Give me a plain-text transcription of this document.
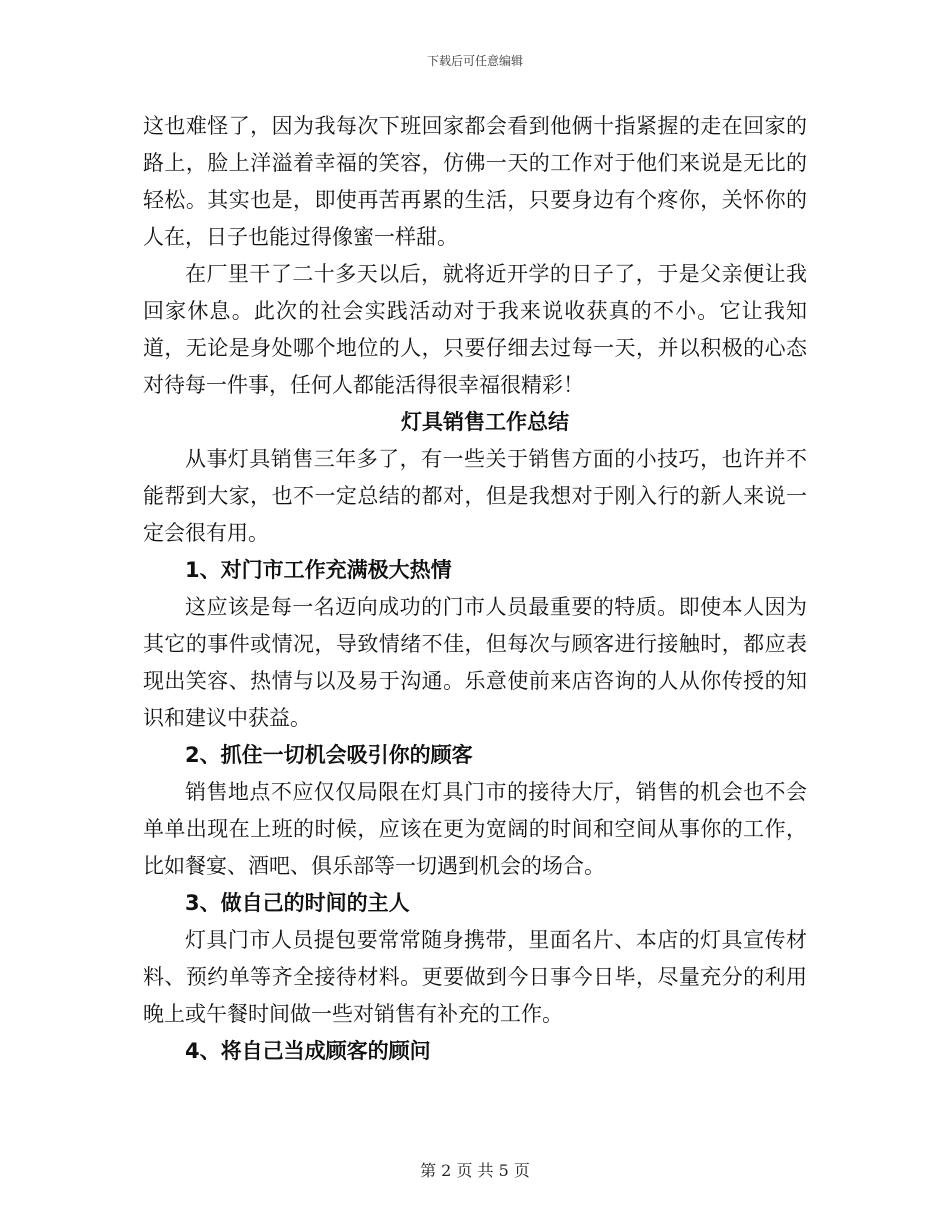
下载后可任意编辑

这也难怪了，因为我每次下班回家都会看到他俩十指紧握的走在回家的路上，脸上洋溢着幸福的笑容，仿佛一天的工作对于他们来说是无比的轻松。其实也是，即使再苦再累的生活，只要身边有个疼你，关怀你的人在，日子也能过得像蜜一样甜。

在厂里干了二十多天以后，就将近开学的日子了，于是父亲便让我回家休息。此次的社会实践活动对于我来说收获真的不小。它让我知道，无论是身处哪个地位的人，只要仔细去过每一天，并以积极的心态对待每一件事，任何人都能活得很幸福很精彩！

灯具销售工作总结

从事灯具销售三年多了，有一些关于销售方面的小技巧，也许并不能帮到大家，也不一定总结的都对，但是我想对于刚入行的新人来说一定会很有用。

1、对门市工作充满极大热情

这应该是每一名迈向成功的门市人员最重要的特质。即使本人因为其它的事件或情况，导致情绪不佳，但每次与顾客进行接触时，都应表现出笑容、热情与以及易于沟通。乐意使前来店咨询的人从你传授的知识和建议中获益。

2、抓住一切机会吸引你的顾客

销售地点不应仅仅局限在灯具门市的接待大厅，销售的机会也不会单单出现在上班的时候，应该在更为宽阔的时间和空间从事你的工作，比如餐宴、酒吧、俱乐部等一切遇到机会的场合。

3、做自己的时间的主人

灯具门市人员提包要常常随身携带，里面名片、本店的灯具宣传材料、预约单等齐全接待材料。更要做到今日事今日毕，尽量充分的利用晚上或午餐时间做一些对销售有补充的工作。

4、将自己当成顾客的顾问

第 2 页 共 5 页
